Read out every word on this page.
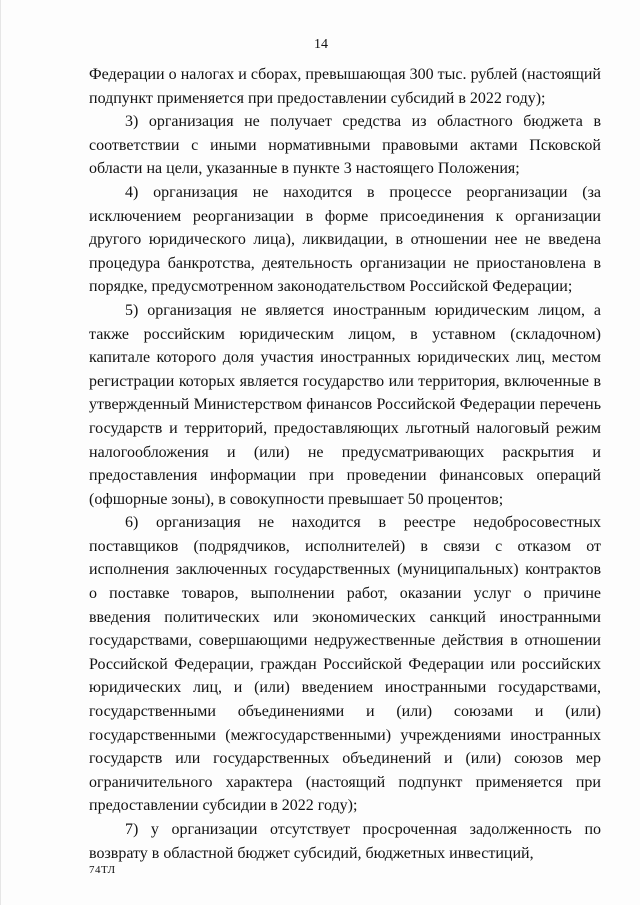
14

Федерации о налогах и сборах, превышающая 300 тыс. рублей (настоящий подпункт применяется при предоставлении субсидий в 2022 году);

3) организация не получает средства из областного бюджета в соответствии с иными нормативными правовыми актами Псковской области на цели, указанные в пункте 3 настоящего Положения;

4) организация не находится в процессе реорганизации (за исключением реорганизации в форме присоединения к организации другого юридического лица), ликвидации, в отношении нее не введена процедура банкротства, деятельность организации не приостановлена в порядке, предусмотренном законодательством Российской Федерации;

5) организация не является иностранным юридическим лицом, а также российским юридическим лицом, в уставном (складочном) капитале которого доля участия иностранных юридических лиц, местом регистрации которых является государство или территория, включенные в утвержденный Министерством финансов Российской Федерации перечень государств и территорий, предоставляющих льготный налоговый режим налогообложения и (или) не предусматривающих раскрытия и предоставления информации при проведении финансовых операций (офшорные зоны), в совокупности превышает 50 процентов;

6) организация не находится в реестре недобросовестных поставщиков (подрядчиков, исполнителей) в связи с отказом от исполнения заключенных государственных (муниципальных) контрактов о поставке товаров, выполнении работ, оказании услуг о причине введения политических или экономических санкций иностранными государствами, совершающими недружественные действия в отношении Российской Федерации, граждан Российской Федерации или российских юридических лиц, и (или) введением иностранными государствами, государственными объединениями и (или) союзами и (или) государственными (межгосударственными) учреждениями иностранных государств или государственных объединений и (или) союзов мер ограничительного характера (настоящий подпункт применяется при предоставлении субсидии в 2022 году);

7) у организации отсутствует просроченная задолженность по возврату в областной бюджет субсидий, бюджетных инвестиций,

74ТЛ
